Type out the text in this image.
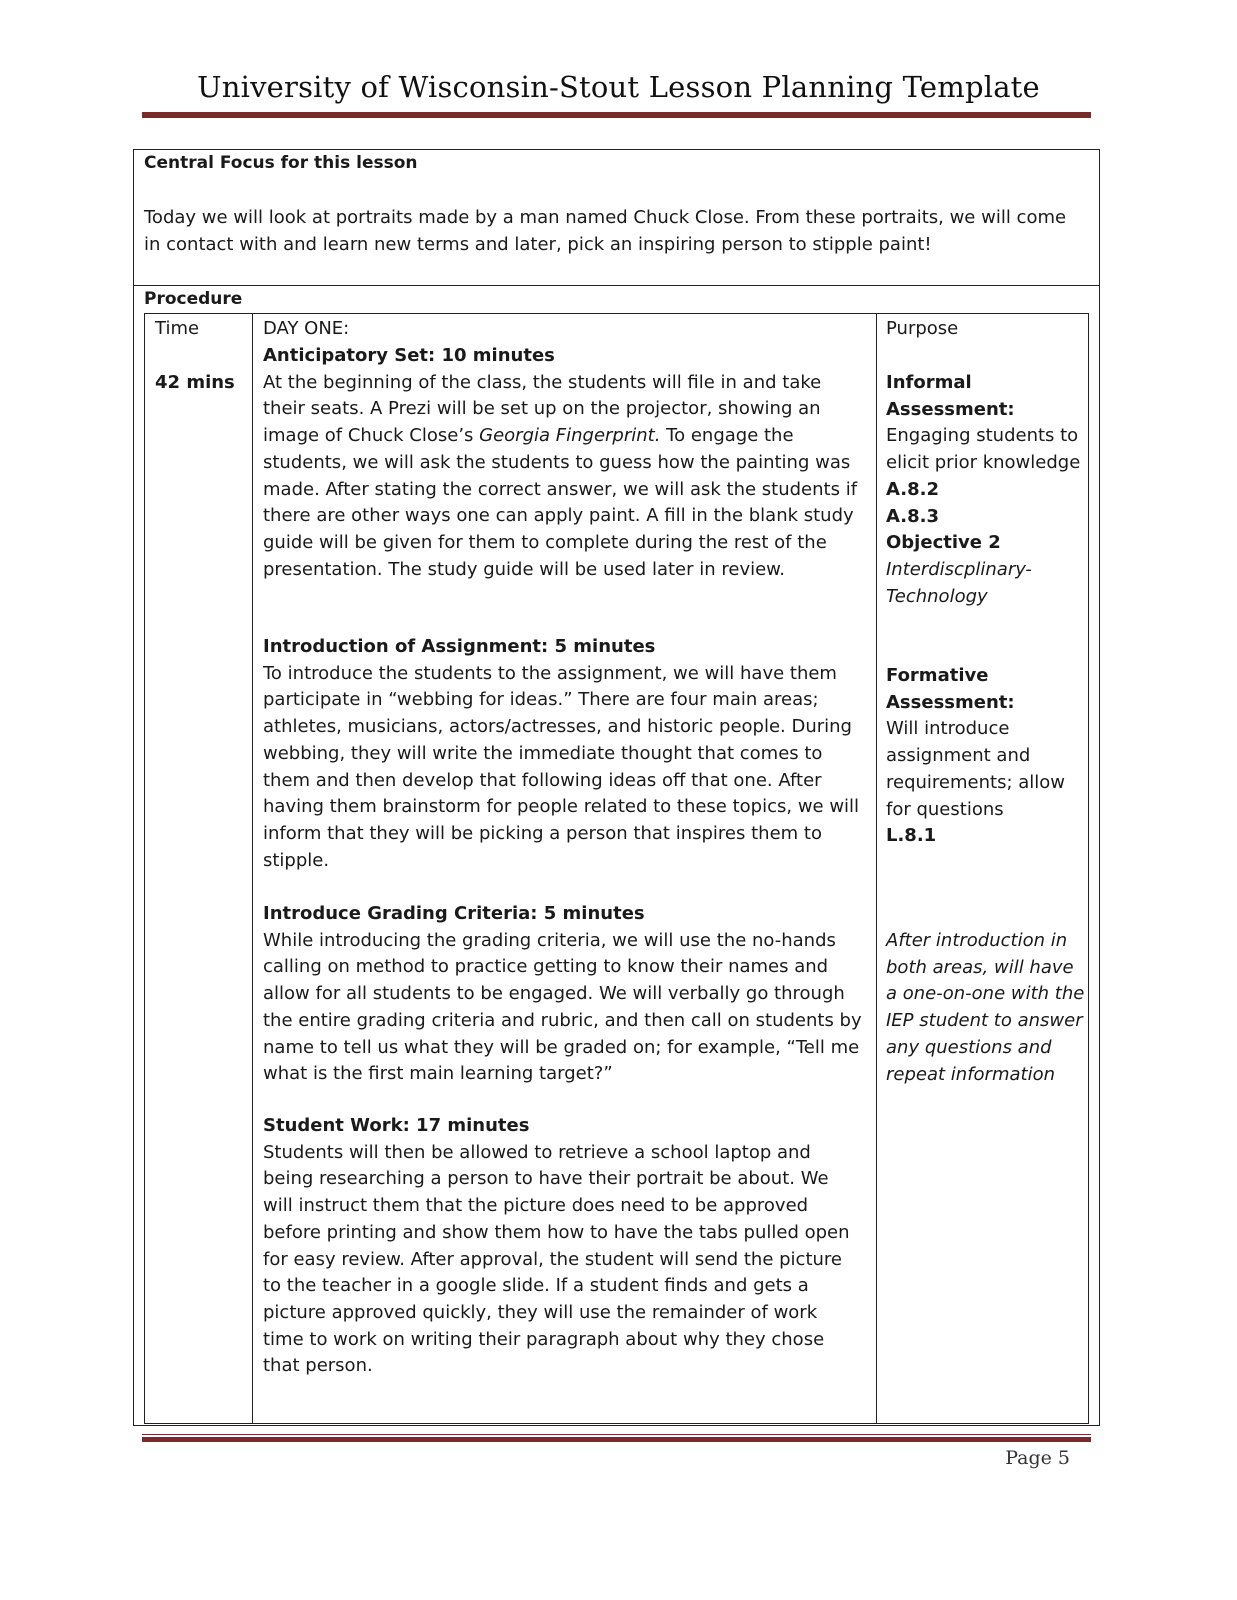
University of Wisconsin-Stout Lesson Planning Template
Central Focus for this lesson
Today we will look at portraits made by a man named Chuck Close. From these portraits, we will come in contact with and learn new terms and later, pick an inspiring person to stipple paint!
Procedure
Time
42 mins
DAY ONE:
Anticipatory Set: 10 minutes
At the beginning of the class, the students will file in and take their seats. A Prezi will be set up on the projector, showing an image of Chuck Close’s Georgia Fingerprint. To engage the students, we will ask the students to guess how the painting was made. After stating the correct answer, we will ask the students if there are other ways one can apply paint. A fill in the blank study guide will be given for them to complete during the rest of the presentation. The study guide will be used later in review.
Introduction of Assignment: 5 minutes
To introduce the students to the assignment, we will have them participate in “webbing for ideas.” There are four main areas; athletes, musicians, actors/actresses, and historic people. During webbing, they will write the immediate thought that comes to them and then develop that following ideas off that one. After having them brainstorm for people related to these topics, we will inform that they will be picking a person that inspires them to stipple.
Introduce Grading Criteria: 5 minutes
While introducing the grading criteria, we will use the no-hands calling on method to practice getting to know their names and allow for all students to be engaged. We will verbally go through the entire grading criteria and rubric, and then call on students by name to tell us what they will be graded on; for example, “Tell me what is the first main learning target?”
Student Work: 17 minutes
Students will then be allowed to retrieve a school laptop and being researching a person to have their portrait be about. We will instruct them that the picture does need to be approved before printing and show them how to have the tabs pulled open for easy review. After approval, the student will send the picture to the teacher in a google slide. If a student finds and gets a picture approved quickly, they will use the remainder of work time to work on writing their paragraph about why they chose that person.
Purpose
Informal Assessment:
Engaging students to elicit prior knowledge
A.8.2
A.8.3
Objective 2
Interdiscplinary-Technology
Formative Assessment:
Will introduce assignment and requirements; allow for questions
L.8.1
After introduction in both areas, will have a one-on-one with the IEP student to answer any questions and repeat information
Page 5
